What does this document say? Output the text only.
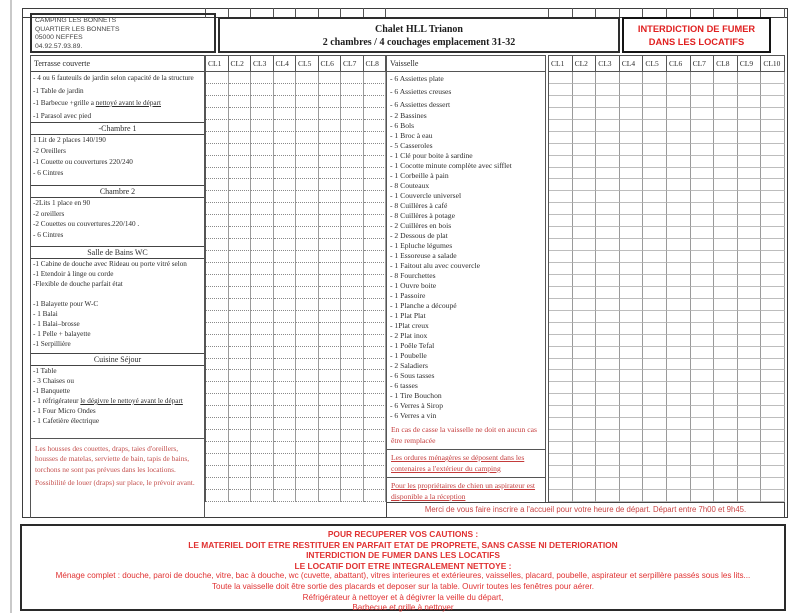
CAMPING LES BONNETS
QUARTIER LES BONNETS
05000 NEFFES
04.92.57.93.89.
Chalet HLL Trianon
2 chambres / 4 couchages emplacement 31-32
INTERDICTION DE FUMER
DANS LES LOCATIFS
Terrasse couverte
- 4 ou 6 fauteuils de jardin selon capacité de la structure
-1 Table de jardin
-1 Barbecue +grille a nettoyé avant le départ
-1 Parasol avec pied
-Chambre 1
1 Lit de 2 places 140/190
-2 Oreillers
-1 Couette ou couvertures 220/240
- 6 Cintres
Chambre 2
-2Lits 1 place en 90
-2 oreillers
-2 Couettes ou couvertures.220/140 .
- 6 Cintres
Salle de Bains WC
-1 Cabine de douche avec Rideau ou porte vitré selon
-1 Etendoir à linge ou corde
-Flexible de douche parfait état
-1 Balayette pour W-C
- 1 Balai
- 1 Balai–brosse
- 1 Pelle + balayette
-1 Serpillière
Cuisine Séjour
-1 Table
- 3 Chaises ou
-1 Banquette
- 1 réfrigérateur le dégivre le nettoyé avant le départ
- 1 Four Micro Ondes
- 1 Cafetière électrique

Les housses des couettes, draps, taies d'oreillers, housses de matelas, serviette de bain, tapis de bains, torchons ne sont pas prévues dans les locations.

Possibilité de louer (draps) sur place, le prévoir avant.

CL1	CL2	CL3	CL4	CL5	CL6	CL7	CL8	Vaisselle
- 6 Assiettes plate
- 6 Assiettes creuses
- 6 Assiettes dessert
- 2 Bassines
- 6 Bols
- 1 Broc à eau
- 5 Casseroles
- 1 Clé pour boite à sardine
- 1 Cocotte minute complète avec sifflet
- 1 Corbeille à pain
- 8 Couteaux
- 1 Couvercle universel
- 8 Cuillères à café
- 8 Cuillères à potage
- 2 Cuillères en bois
- 2 Dessous de plat
- 1 Epluche légumes
- 1 Essoreuse a salade
- 1 Faitout alu avec couvercle
- 8 Fourchettes
- 1 Ouvre boite
- 1 Passoire
- 1 Planche a découpé
- 1 Plat Plat
- 1Plat creux
- 2 Plat inox
- 1 Poêle Tefal
- 1 Poubelle
- 2 Saladiers
- 6 Sous tasses
- 6 tasses
- 1 Tire Bouchon
- 6 Verres à Sirop
- 6 Verres a vin
En cas de casse la vaisselle ne doit en aucun cas être remplacée
Les ordures ménagères se déposent dans les contenaires a l'extérieur du camping
Pour les propriétaires de chien un aspirateur est disponible a la réception
CL1	CL2	CL3	CL4	CL5	CL6	CL7	CL8	CL9	CL10
Merci de vous faire inscrire a l'accueil pour votre heure de départ. Départ entre 7h00 et 9h45.
POUR RECUPERER VOS CAUTIONS :
LE MATERIEL DOIT ETRE RESTITUER EN PARFAIT ETAT DE PROPRETE, SANS CASSE NI DETERIORATION
INTERDICTION DE FUMER DANS LES LOCATIFS
LE LOCATIF DOIT ETRE INTEGRALEMENT NETTOYE :
Ménage complet : douche, paroi de douche, vitre, bac à douche, wc (cuvette, abattant), vitres interieures et extérieures, vaisselles, placard, poubelle, aspirateur et serpillère passés sous les lits...
Toute la vaisselle doit être sortie des placards et deposer sur la table. Ouvrir toutes les fenêtres pour aérer.
Réfrigérateur à nettoyer et à dégivrer la veille du départ,
Barbecue et grille à nettoyer
